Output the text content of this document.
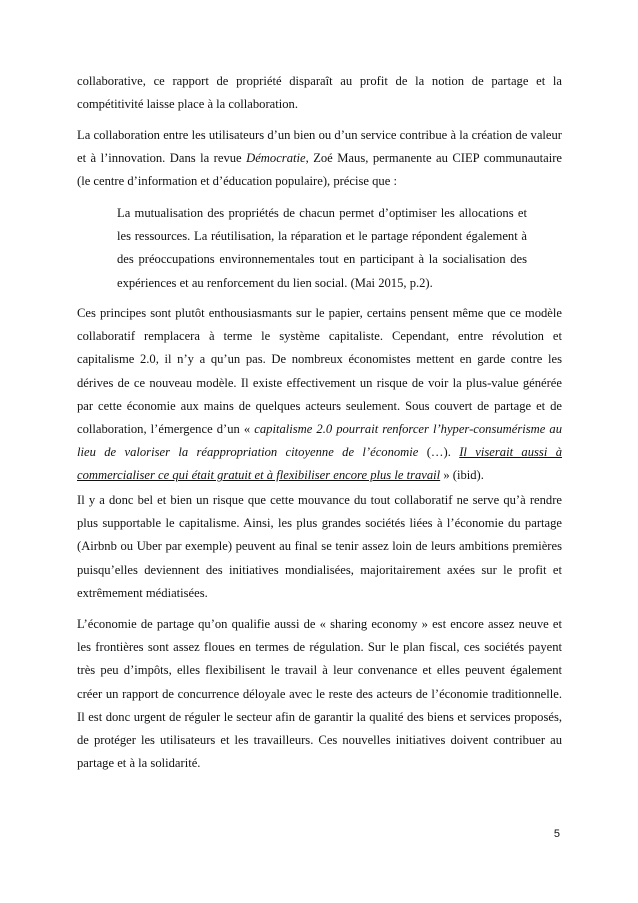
collaborative, ce rapport de propriété disparaît au profit de la notion de partage et la compétitivité laisse place à la collaboration.

La collaboration entre les utilisateurs d’un bien ou d’un service contribue à la création de valeur et à l’innovation. Dans la revue Démocratie, Zoé Maus, permanente au CIEP communautaire (le centre d’information et d’éducation populaire), précise que :

La mutualisation des propriétés de chacun permet d’optimiser les allocations et les ressources. La réutilisation, la réparation et le partage répondent également à des préoccupations environnementales tout en participant à la socialisation des expériences et au renforcement du lien social. (Mai 2015, p.2).

Ces principes sont plutôt enthousiasmants sur le papier, certains pensent même que ce modèle collaboratif remplacera à terme le système capitaliste. Cependant, entre révolution et capitalisme 2.0, il n’y a qu’un pas. De nombreux économistes mettent en garde contre les dérives de ce nouveau modèle. Il existe effectivement un risque de voir la plus-value générée par cette économie aux mains de quelques acteurs seulement. Sous couvert de partage et de collaboration, l’émergence d’un « capitalisme 2.0 pourrait renforcer l’hyper-consumérisme au lieu de valoriser la réappropriation citoyenne de l’économie (…). Il viserait aussi à commercialiser ce qui était gratuit et à flexibiliser encore plus le travail » (ibid).

Il y a donc bel et bien un risque que cette mouvance du tout collaboratif ne serve qu’à rendre plus supportable le capitalisme. Ainsi, les plus grandes sociétés liées à l’économie du partage (Airbnb ou Uber par exemple) peuvent au final se tenir assez loin de leurs ambitions premières puisqu’elles deviennent des initiatives mondialisées, majoritairement axées sur le profit et extrêmement médiatisées.

L’économie de partage qu’on qualifie aussi de « sharing economy » est encore assez neuve et les frontières sont assez floues en termes de régulation. Sur le plan fiscal, ces sociétés payent très peu d’impôts, elles flexibilisent le travail à leur convenance et elles peuvent également créer un rapport de concurrence déloyale avec le reste des acteurs de l’économie traditionnelle. Il est donc urgent de réguler le secteur afin de garantir la qualité des biens et services proposés, de protéger les utilisateurs et les travailleurs. Ces nouvelles initiatives doivent contribuer au partage et à la solidarité.

5
